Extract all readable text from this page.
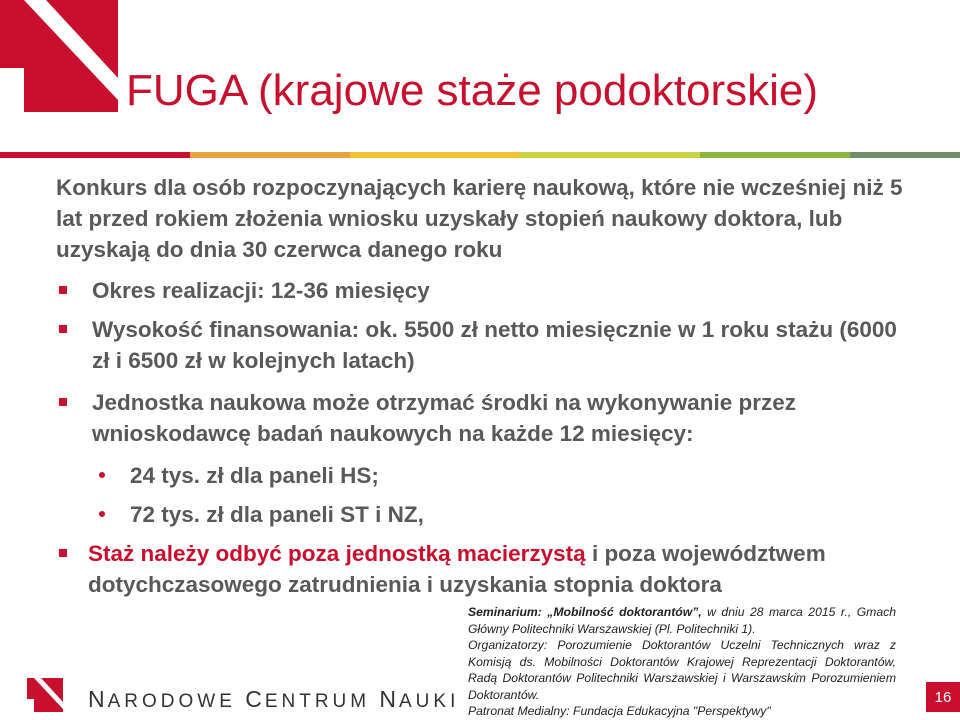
FUGA (krajowe staże podoktorskie)
Konkurs dla osób rozpoczynających karierę naukową, które nie wcześniej niż 5 lat przed rokiem złożenia wniosku uzyskały stopień naukowy doktora, lub uzyskają do dnia 30 czerwca danego roku
Okres realizacji: 12-36 miesięcy
Wysokość finansowania: ok. 5500 zł netto miesięcznie w 1 roku stażu (6000 zł i 6500 zł w kolejnych latach)
Jednostka naukowa może otrzymać środki na wykonywanie przez wnioskodawcę badań naukowych na każde 12 miesięcy:
24 tys. zł dla paneli HS;
72 tys. zł dla paneli ST i NZ,
Staż należy odbyć poza jednostką macierzystą i poza województwem dotychczasowego zatrudnienia i uzyskania stopnia doktora

Seminarium: „Mobilność doktorantów”, w dniu 28 marca 2015 r., Gmach Główny Politechniki Warszawskiej (Pl. Politechniki 1).

Organizatorzy: Porozumienie Doktorantów Uczelni Technicznych wraz z Komisją ds. Mobilności Doktorantów Krajowej Reprezentacji Doktorantów, Radą Doktorantów Politechniki Warszawskiej i Warszawskim Porozumieniem Doktorantów.

Patronat Medialny: Fundacja Edukacyjna "Perspektywy"

NARODOWE CENTRUM NAUKI	16
